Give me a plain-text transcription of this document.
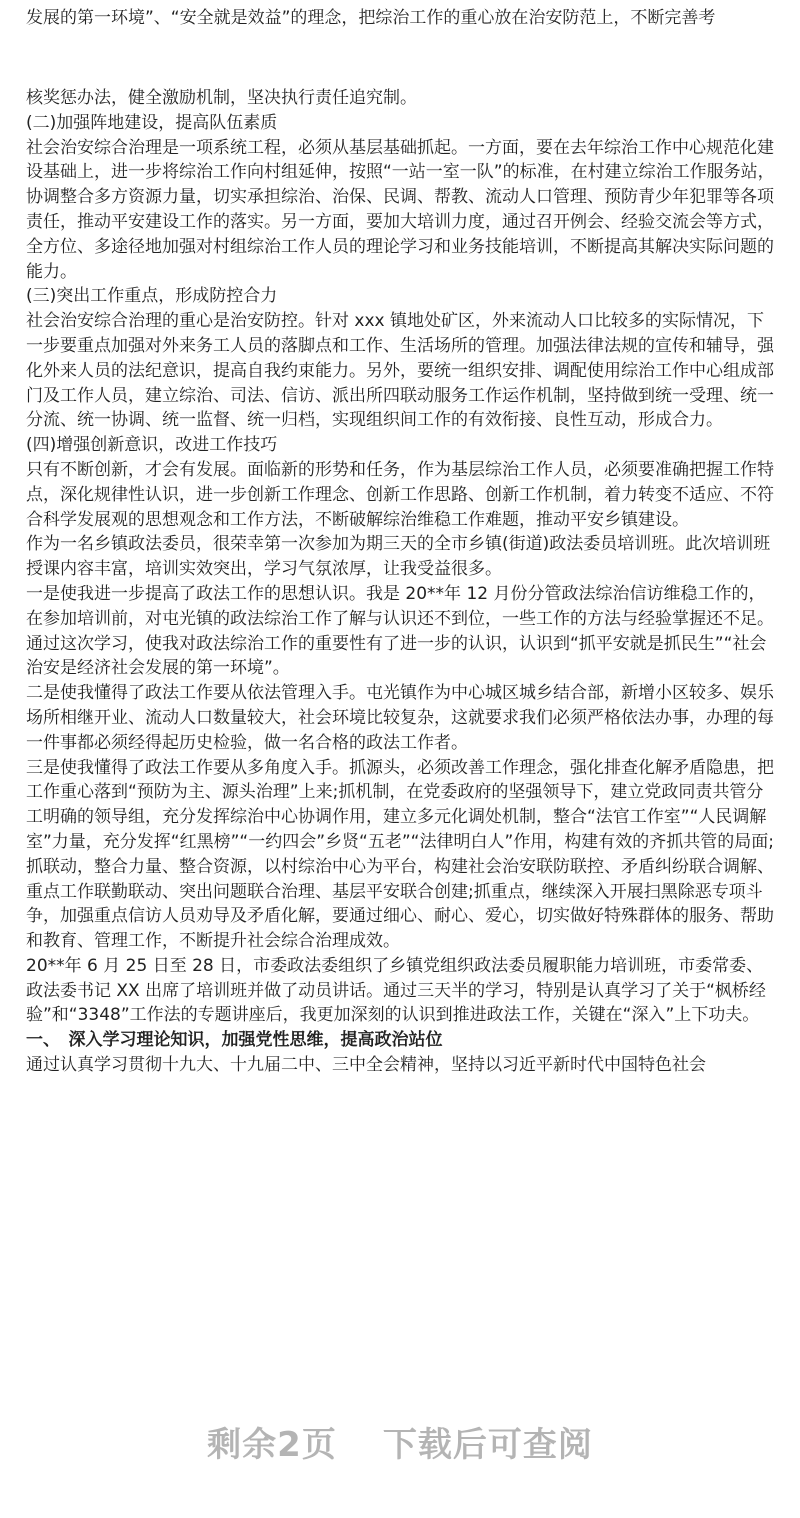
发展的第一环境”、“安全就是效益”的理念，把综治工作的重心放在治安防范上，不断完善考

核奖惩办法，健全激励机制，坚决执行责任追究制。

(二)加强阵地建设，提高队伍素质

社会治安综合治理是一项系统工程，必须从基层基础抓起。一方面，要在去年综治工作中心规范化建设基础上，进一步将综治工作向村组延伸，按照“一站一室一队”的标准，在村建立综治工作服务站，协调整合多方资源力量，切实承担综治、治保、民调、帮教、流动人口管理、预防青少年犯罪等各项责任，推动平安建设工作的落实。另一方面，要加大培训力度，通过召开例会、经验交流会等方式，全方位、多途径地加强对村组综治工作人员的理论学习和业务技能培训，不断提高其解决实际问题的能力。

(三)突出工作重点，形成防控合力

社会治安综合治理的重心是治安防控。针对 xxx 镇地处矿区，外来流动人口比较多的实际情况，下一步要重点加强对外来务工人员的落脚点和工作、生活场所的管理。加强法律法规的宣传和辅导，强化外来人员的法纪意识，提高自我约束能力。另外，要统一组织安排、调配使用综治工作中心组成部门及工作人员，建立综治、司法、信访、派出所四联动服务工作运作机制，坚持做到统一受理、统一分流、统一协调、统一监督、统一归档，实现组织间工作的有效衔接、良性互动，形成合力。

(四)增强创新意识，改进工作技巧

只有不断创新，才会有发展。面临新的形势和任务，作为基层综治工作人员，必须要准确把握工作特点，深化规律性认识，进一步创新工作理念、创新工作思路、创新工作机制，着力转变不适应、不符合科学发展观的思想观念和工作方法，不断破解综治维稳工作难题，推动平安乡镇建设。

作为一名乡镇政法委员，很荣幸第一次参加为期三天的全市乡镇(街道)政法委员培训班。此次培训班授课内容丰富，培训实效突出，学习气氛浓厚，让我受益很多。

一是使我进一步提高了政法工作的思想认识。我是 20**年 12 月份分管政法综治信访维稳工作的，在参加培训前，对屯光镇的政法综治工作了解与认识还不到位，一些工作的方法与经验掌握还不足。通过这次学习，使我对政法综治工作的重要性有了进一步的认识，认识到“抓平安就是抓民生”“社会治安是经济社会发展的第一环境”。

二是使我懂得了政法工作要从依法管理入手。屯光镇作为中心城区城乡结合部，新增小区较多、娱乐场所相继开业、流动人口数量较大，社会环境比较复杂，这就要求我们必须严格依法办事，办理的每一件事都必须经得起历史检验，做一名合格的政法工作者。

三是使我懂得了政法工作要从多角度入手。抓源头，必须改善工作理念，强化排查化解矛盾隐患，把工作重心落到“预防为主、源头治理”上来;抓机制，在党委政府的坚强领导下，建立党政同责共管分工明确的领导组，充分发挥综治中心协调作用，建立多元化调处机制，整合“法官工作室”“人民调解室”力量，充分发挥“红黑榜”“一约四会”乡贤“五老”“法律明白人”作用，构建有效的齐抓共管的局面;抓联动，整合力量、整合资源，以村综治中心为平台，构建社会治安联防联控、矛盾纠纷联合调解、重点工作联勤联动、突出问题联合治理、基层平安联合创建;抓重点，继续深入开展扫黑除恶专项斗争，加强重点信访人员劝导及矛盾化解，要通过细心、耐心、爱心，切实做好特殊群体的服务、帮助和教育、管理工作，不断提升社会综合治理成效。

20**年 6 月 25 日至 28 日，市委政法委组织了乡镇党组织政法委员履职能力培训班，市委常委、政法委书记 XX 出席了培训班并做了动员讲话。通过三天半的学习，特别是认真学习了关于“枫桥经验”和“3348”工作法的专题讲座后，我更加深刻的认识到推进政法工作，关键在“深入”上下功夫。

一、　深入学习理论知识，加强党性思维，提高政治站位

通过认真学习贯彻十九大、十九届二中、三中全会精神，坚持以习近平新时代中国特色社会

剩余2页 下载后可查阅
